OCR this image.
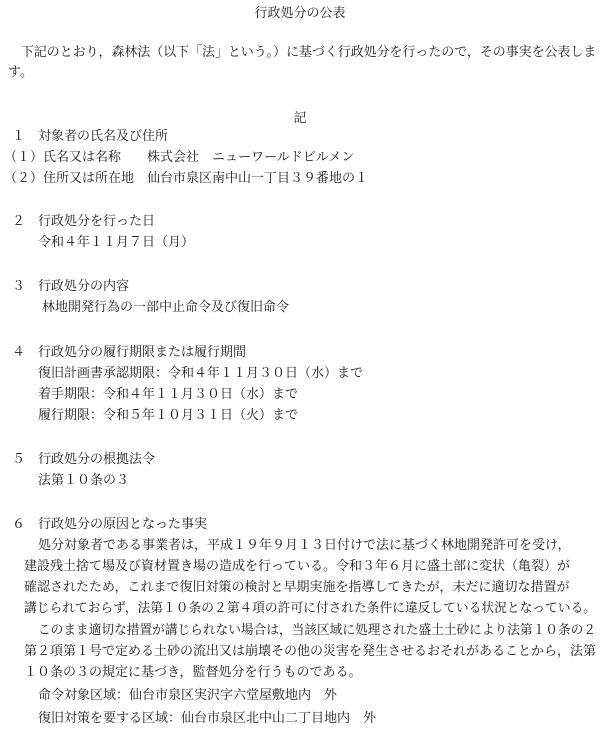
行政処分の公表
　下記のとおり，森林法（以下「法」という。）に基づく行政処分を行ったので，その事実を公表しま
す。
記
１　対象者の氏名及び住所
（１）氏名又は名称　　株式会社　ニューワールドビルメン
（２）住所又は所在地　仙台市泉区南中山一丁目３９番地の１
２　行政処分を行った日
令和４年１１月７日（月）
３　行政処分の内容
林地開発行為の一部中止命令及び復旧命令
４　行政処分の履行期限または履行期間
復旧計画書承認期限：令和４年１１月３０日（水）まで
着手期限：令和４年１１月３０日（水）まで
履行期限：令和５年１０月３１日（火）まで
５　行政処分の根拠法令
法第１０条の３
６　行政処分の原因となった事実
処分対象者である事業者は，平成１９年９月１３日付けで法に基づく林地開発許可を受け，
建設残土捨て場及び資材置き場の造成を行っている。令和３年６月に盛土部に変状（亀裂）が
確認されたため，これまで復旧対策の検討と早期実施を指導してきたが，未だに適切な措置が
講じられておらず，法第１０条の２第４項の許可に付された条件に違反している状況となっている。
このまま適切な措置が講じられない場合は，当該区域に処理された盛土土砂により法第１０条の２
第２項第１号で定める土砂の流出又は崩壊その他の災害を発生させるおそれがあることから，法第
１０条の３の規定に基づき，監督処分を行うものである。
命令対象区域：仙台市泉区実沢字六堂屋敷地内　外
復旧対策を要する区域：仙台市泉区北中山二丁目地内　外
